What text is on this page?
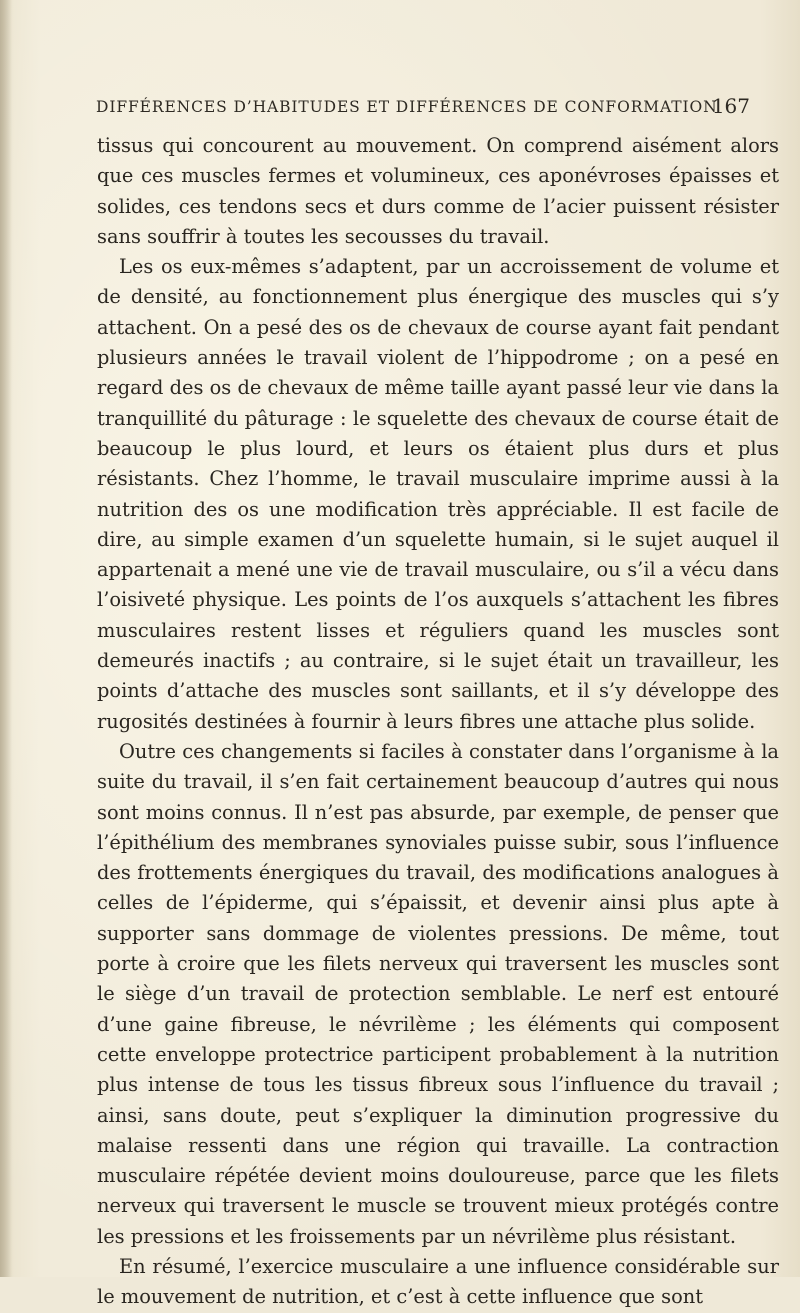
DIFFÉRENCES D’HABITUDES ET DIFFÉRENCES DE CONFORMATION
167

tissus qui concourent au mouvement. On comprend aisément alors que ces muscles fermes et volumineux, ces aponévroses épaisses et solides, ces tendons secs et durs comme de l’acier puissent résister sans souffrir à toutes les secousses du travail.

Les os eux-mêmes s’adaptent, par un accroissement de volume et de densité, au fonctionnement plus énergique des muscles qui s’y attachent. On a pesé des os de chevaux de course ayant fait pendant plusieurs années le travail violent de l’hippodrome ; on a pesé en regard des os de chevaux de même taille ayant passé leur vie dans la tranquillité du pâturage : le squelette des chevaux de course était de beaucoup le plus lourd, et leurs os étaient plus durs et plus résistants. Chez l’homme, le travail musculaire imprime aussi à la nutrition des os une modification très appréciable. Il est facile de dire, au simple examen d’un squelette humain, si le sujet auquel il appartenait a mené une vie de travail musculaire, ou s’il a vécu dans l’oisiveté physique. Les points de l’os auxquels s’attachent les fibres musculaires restent lisses et réguliers quand les muscles sont demeurés inactifs ; au contraire, si le sujet était un travailleur, les points d’attache des muscles sont saillants, et il s’y développe des rugosités destinées à fournir à leurs fibres une attache plus solide.

Outre ces changements si faciles à constater dans l’organisme à la suite du travail, il s’en fait certainement beaucoup d’autres qui nous sont moins connus. Il n’est pas absurde, par exemple, de penser que l’épithélium des membranes synoviales puisse subir, sous l’influence des frottements énergiques du travail, des modifications analogues à celles de l’épiderme, qui s’épaissit, et devenir ainsi plus apte à supporter sans dommage de violentes pressions. De même, tout porte à croire que les filets nerveux qui traversent les muscles sont le siège d’un travail de protection semblable. Le nerf est entouré d’une gaine fibreuse, le névrilème ; les éléments qui composent cette enveloppe protectrice participent probablement à la nutrition plus intense de tous les tissus fibreux sous l’influence du travail ; ainsi, sans doute, peut s’expliquer la diminution progressive du malaise ressenti dans une région qui travaille. La contraction musculaire répétée devient moins douloureuse, parce que les filets nerveux qui traversent le muscle se trouvent mieux protégés contre les pressions et les froissements par un névrilème plus résistant.

En résumé, l’exercice musculaire a une influence considérable sur le mouvement de nutrition, et c’est à cette influence que sont
